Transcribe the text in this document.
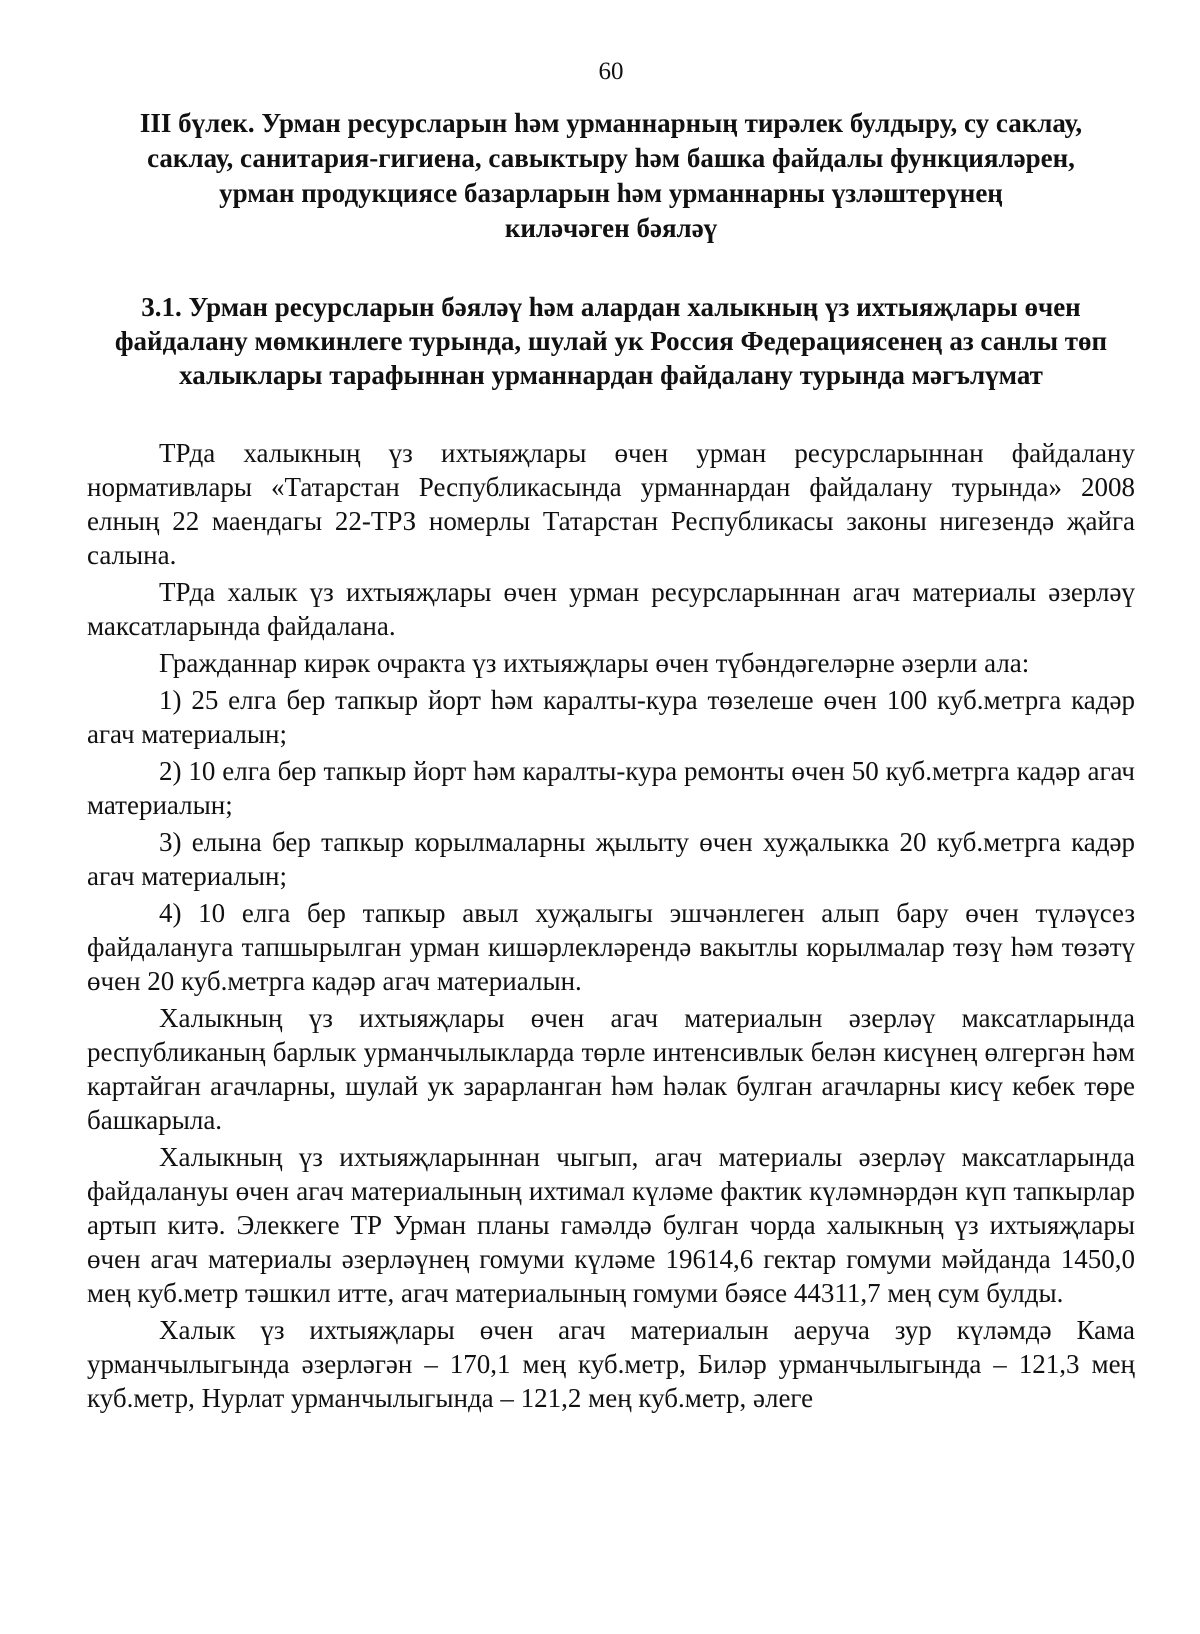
60
III бүлек. Урман ресурсларын һәм урманнарның тирәлек булдыру, су саклау,
саклау, санитария-гигиена, савыктыру һәм башка файдалы функцияләрен,
урман продукциясе базарларын һәм урманнарны үзләштерүнең
киләчәген бәяләү
3.1. Урман ресурсларын бәяләү һәм алардан халыкның үз ихтыяҗлары өчен
файдалану мөмкинлеге турында, шулай ук Россия Федерациясенең аз санлы төп
халыклары тарафыннан урманнардан файдалану турында мәгълүмат

ТРда халыкның үз ихтыяҗлары өчен урман ресурсларыннан файдалану нормативлары «Татарстан Республикасында урманнардан файдалану турында» 2008 елның 22 маендагы 22-ТРЗ номерлы Татарстан Республикасы законы нигезендә җайга салына.

ТРда халык үз ихтыяҗлары өчен урман ресурсларыннан агач материалы әзерләү максатларында файдалана.

Гражданнар кирәк очракта үз ихтыяҗлары өчен түбәндәгеләрне әзерли ала:

1) 25 елга бер тапкыр йорт һәм каралты-кура төзелеше өчен 100 куб.метрга кадәр агач материалын;

2) 10 елга бер тапкыр йорт һәм каралты-кура ремонты өчен 50 куб.метрга кадәр агач материалын;

3) елына бер тапкыр корылмаларны җылыту өчен хуҗалыкка 20 куб.метрга кадәр агач материалын;

4) 10 елга бер тапкыр авыл хуҗалыгы эшчәнлеген алып бару өчен түләүсез файдалануга тапшырылган урман кишәрлекләрендә вакытлы корылмалар төзү һәм төзәтү өчен 20 куб.метрга кадәр агач материалын.

Халыкның үз ихтыяҗлары өчен агач материалын әзерләү максатларында республиканың барлык урманчылыкларда төрле интенсивлык белән кисүнең өлгергән һәм картайган агачларны, шулай ук зарарланган һәм һәлак булган агачларны кисү кебек төре башкарыла.

Халыкның үз ихтыяҗларыннан чыгып, агач материалы әзерләү максатларында файдалануы өчен агач материалының ихтимал күләме фактик күләмнәрдән күп тапкырлар артып китә. Элеккеге ТР Урман планы гамәлдә булган чорда халыкның үз ихтыяҗлары өчен агач материалы әзерләүнең гомуми күләме 19614,6 гектар гомуми мәйданда 1450,0 мең куб.метр тәшкил итте, агач материалының гомуми бәясе 44311,7 мең сум булды.

Халык үз ихтыяҗлары өчен агач материалын аеруча зур күләмдә Кама урманчылыгында әзерләгән – 170,1 мең куб.метр, Биләр урманчылыгында – 121,3 мең куб.метр, Нурлат урманчылыгында – 121,2 мең куб.метр, әлеге
